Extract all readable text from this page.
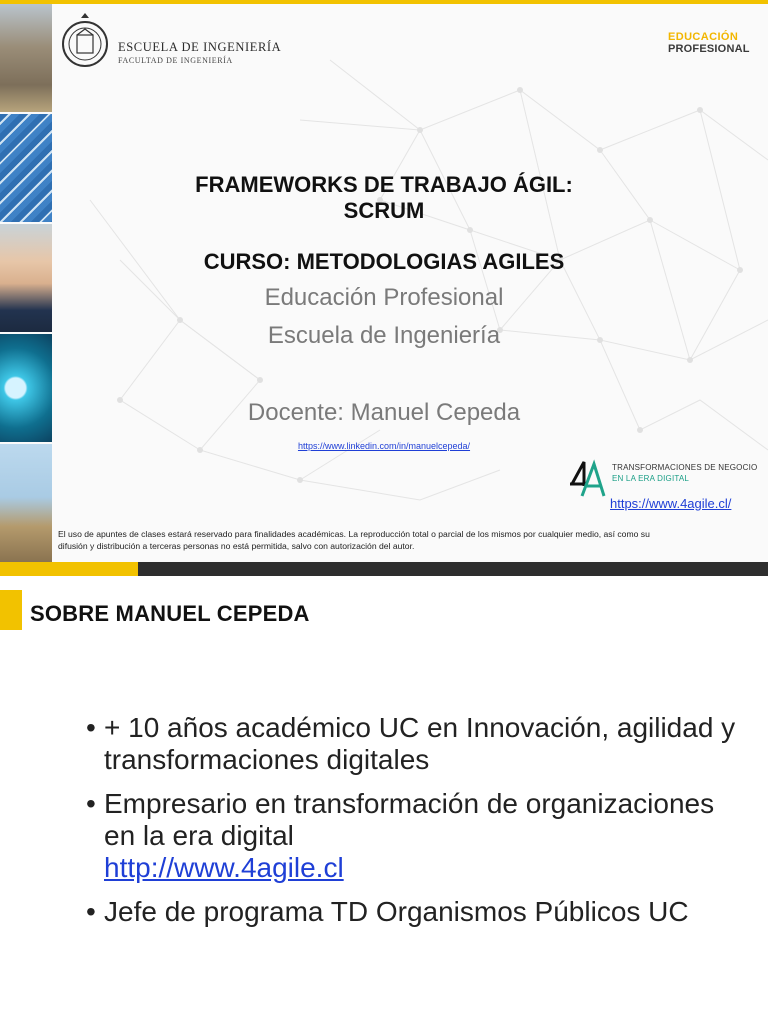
ESCUELA DE INGENIERÍA
FACULTAD DE INGENIERÍA
EDUCACIÓN
PROFESIONAL
FRAMEWORKS DE TRABAJO ÁGIL:
SCRUM
CURSO: METODOLOGIAS AGILES
Educación Profesional
Escuela de Ingeniería
Docente: Manuel Cepeda
https://www.linkedin.com/in/manuelcepeda/
TRANSFORMACIONES DE NEGOCIO
EN LA ERA DIGITAL
https://www.4agile.cl/
El uso de apuntes de clases estará reservado para finalidades académicas. La reproducción total o parcial de los mismos por cualquier medio, así como su
difusión y distribución a terceras personas no está permitida, salvo con autorización del autor.
SOBRE MANUEL CEPEDA
• + 10 años académico UC en Innovación, agilidad y transformaciones digitales
• Empresario en transformación de organizaciones en la era digital
http://www.4agile.cl
• Jefe de programa TD Organismos Públicos UC
